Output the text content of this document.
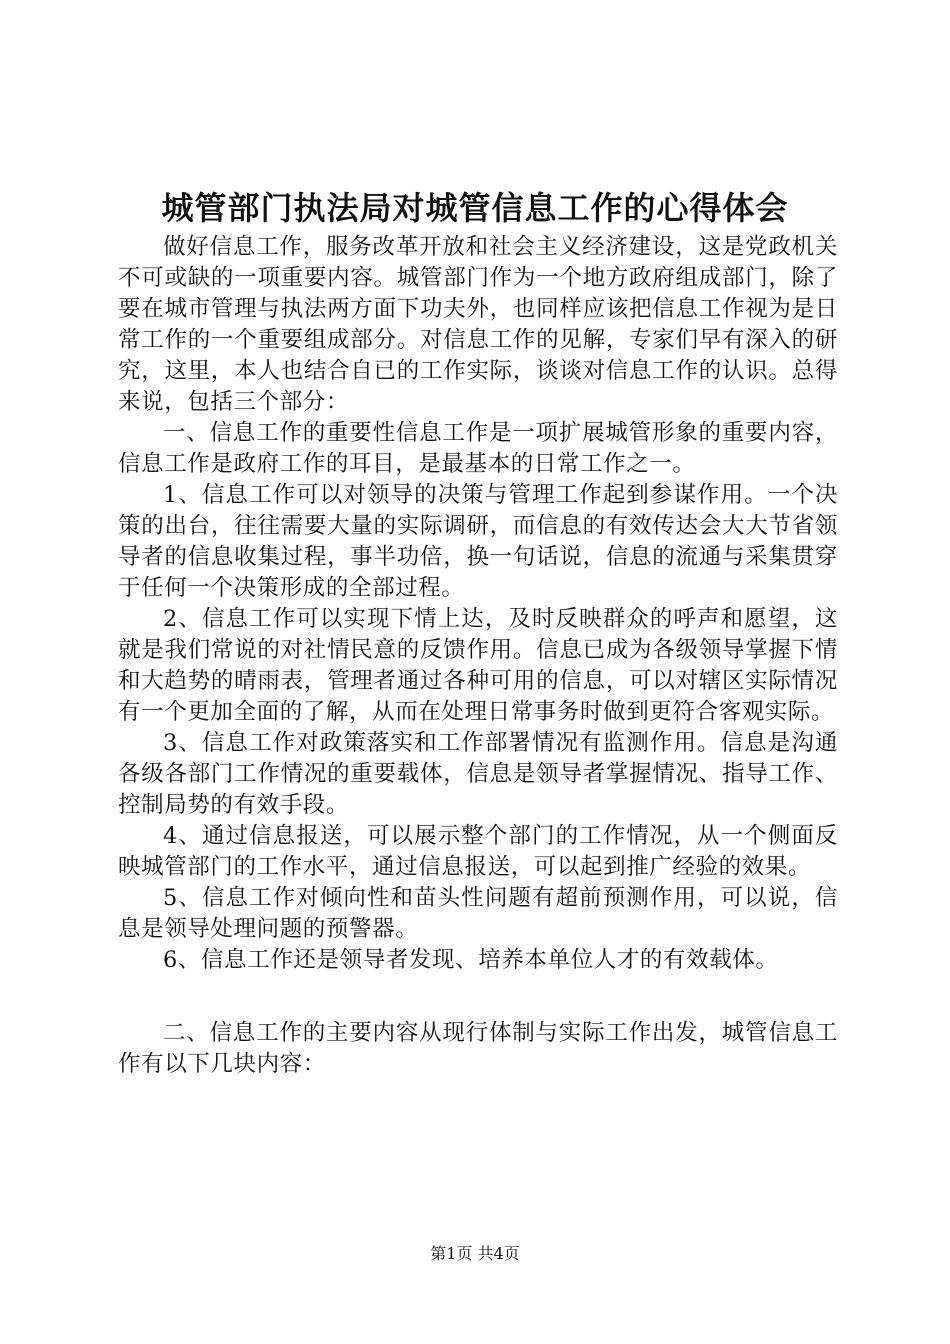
城管部门执法局对城管信息工作的心得体会

做好信息工作，服务改革开放和社会主义经济建设，这是党政机关不可或缺的一项重要内容。城管部门作为一个地方政府组成部门，除了要在城市管理与执法两方面下功夫外，也同样应该把信息工作视为是日常工作的一个重要组成部分。对信息工作的见解，专家们早有深入的研究，这里，本人也结合自已的工作实际，谈谈对信息工作的认识。总得来说，包括三个部分：

一、信息工作的重要性信息工作是一项扩展城管形象的重要内容，信息工作是政府工作的耳目，是最基本的日常工作之一。

1、信息工作可以对领导的决策与管理工作起到参谋作用。一个决策的出台，往往需要大量的实际调研，而信息的有效传达会大大节省领导者的信息收集过程，事半功倍，换一句话说，信息的流通与采集贯穿于任何一个决策形成的全部过程。

2、信息工作可以实现下情上达，及时反映群众的呼声和愿望，这就是我们常说的对社情民意的反馈作用。信息已成为各级领导掌握下情和大趋势的晴雨表，管理者通过各种可用的信息，可以对辖区实际情况有一个更加全面的了解，从而在处理日常事务时做到更符合客观实际。

3、信息工作对政策落实和工作部署情况有监测作用。信息是沟通各级各部门工作情况的重要载体，信息是领导者掌握情况、指导工作、控制局势的有效手段。

4、通过信息报送，可以展示整个部门的工作情况，从一个侧面反映城管部门的工作水平，通过信息报送，可以起到推广经验的效果。

5、信息工作对倾向性和苗头性问题有超前预测作用，可以说，信息是领导处理问题的预警器。

6、信息工作还是领导者发现、培养本单位人才的有效载体。

二、信息工作的主要内容从现行体制与实际工作出发，城管信息工作有以下几块内容：

第1页 共4页
